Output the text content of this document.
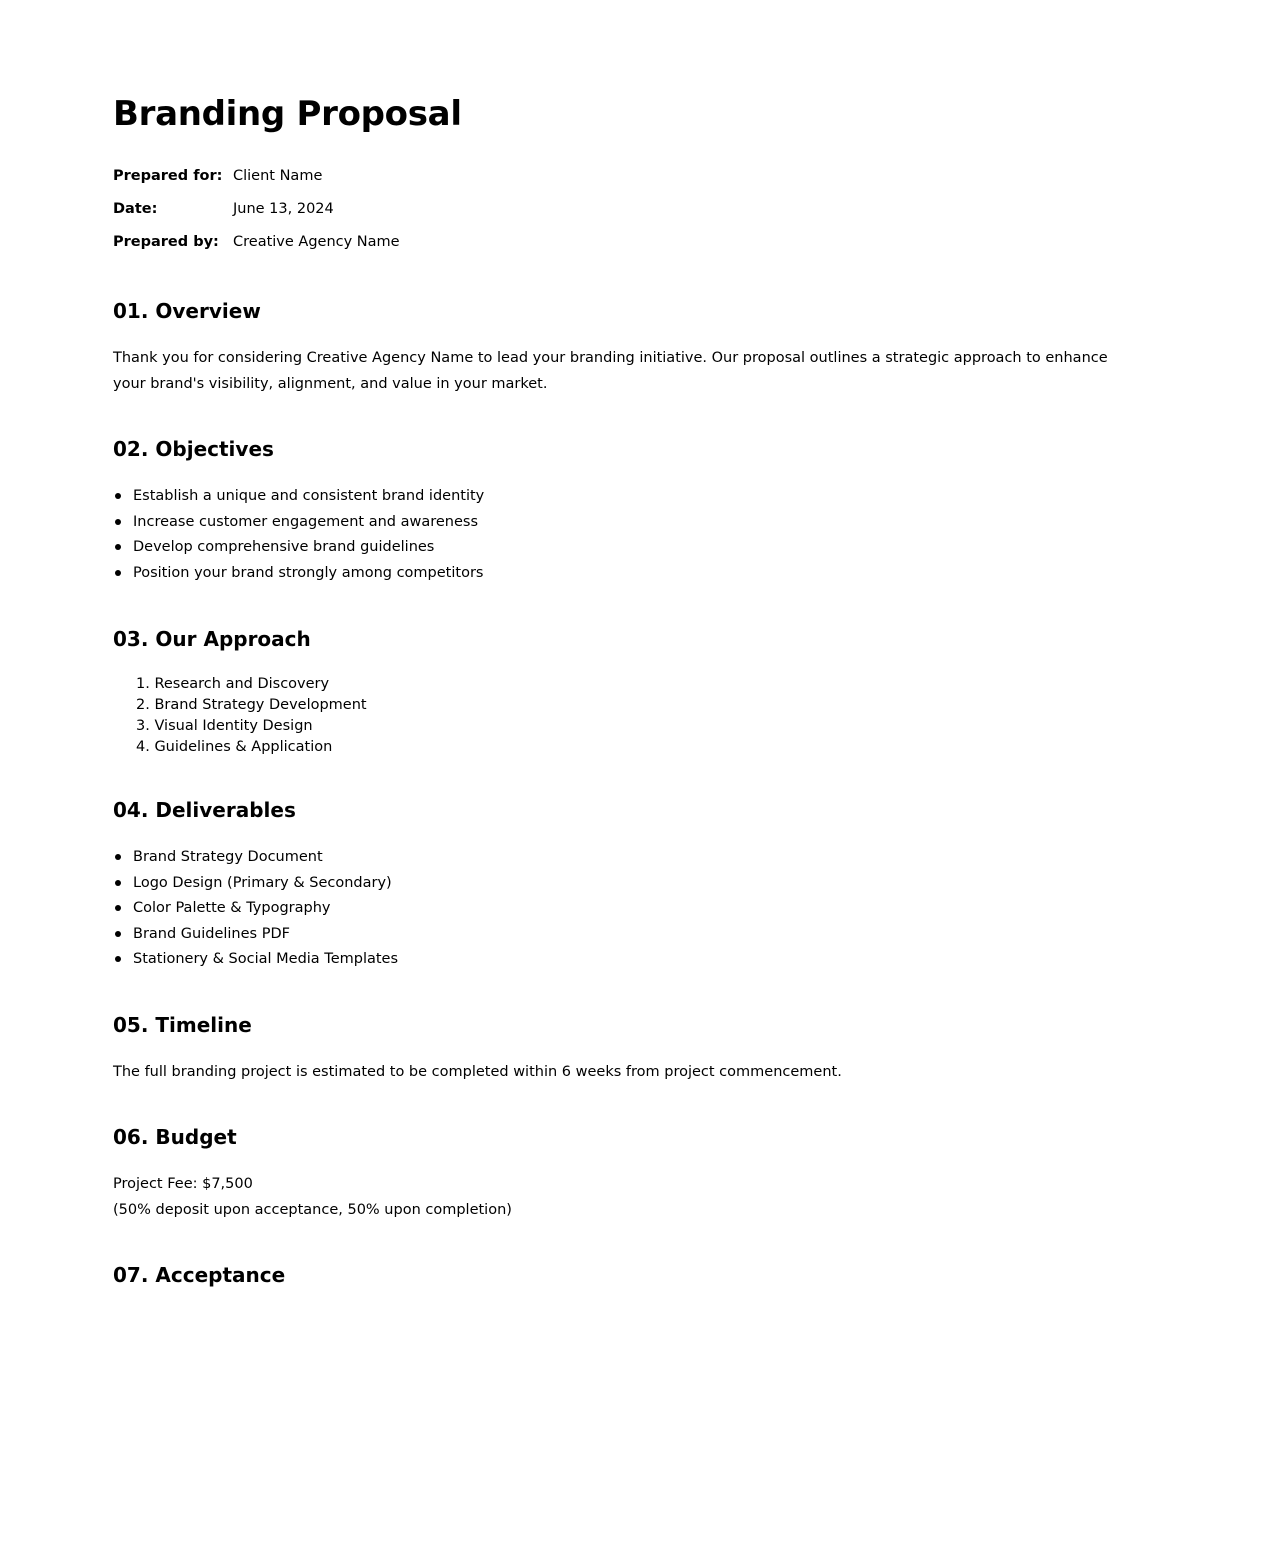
Branding Proposal
Prepared for: Client Name
Date:	June 13, 2024
Prepared by: Creative Agency Name
01. Overview

Thank you for considering Creative Agency Name to lead your branding initiative. Our proposal outlines a strategic approach to enhance your brand's visibility, alignment, and value in your market.

02. Objectives
Establish a unique and consistent brand identity
Increase customer engagement and awareness
Develop comprehensive brand guidelines
Position your brand strongly among competitors
03. Our Approach
1. Research and Discovery
2. Brand Strategy Development
3. Visual Identity Design
4. Guidelines & Application
04. Deliverables
Brand Strategy Document
Logo Design (Primary & Secondary)
Color Palette & Typography
Brand Guidelines PDF
Stationery & Social Media Templates
05. Timeline

The full branding project is estimated to be completed within 6 weeks from project commencement.

06. Budget
Project Fee: $7,500
(50% deposit upon acceptance, 50% upon completion)
07. Acceptance
